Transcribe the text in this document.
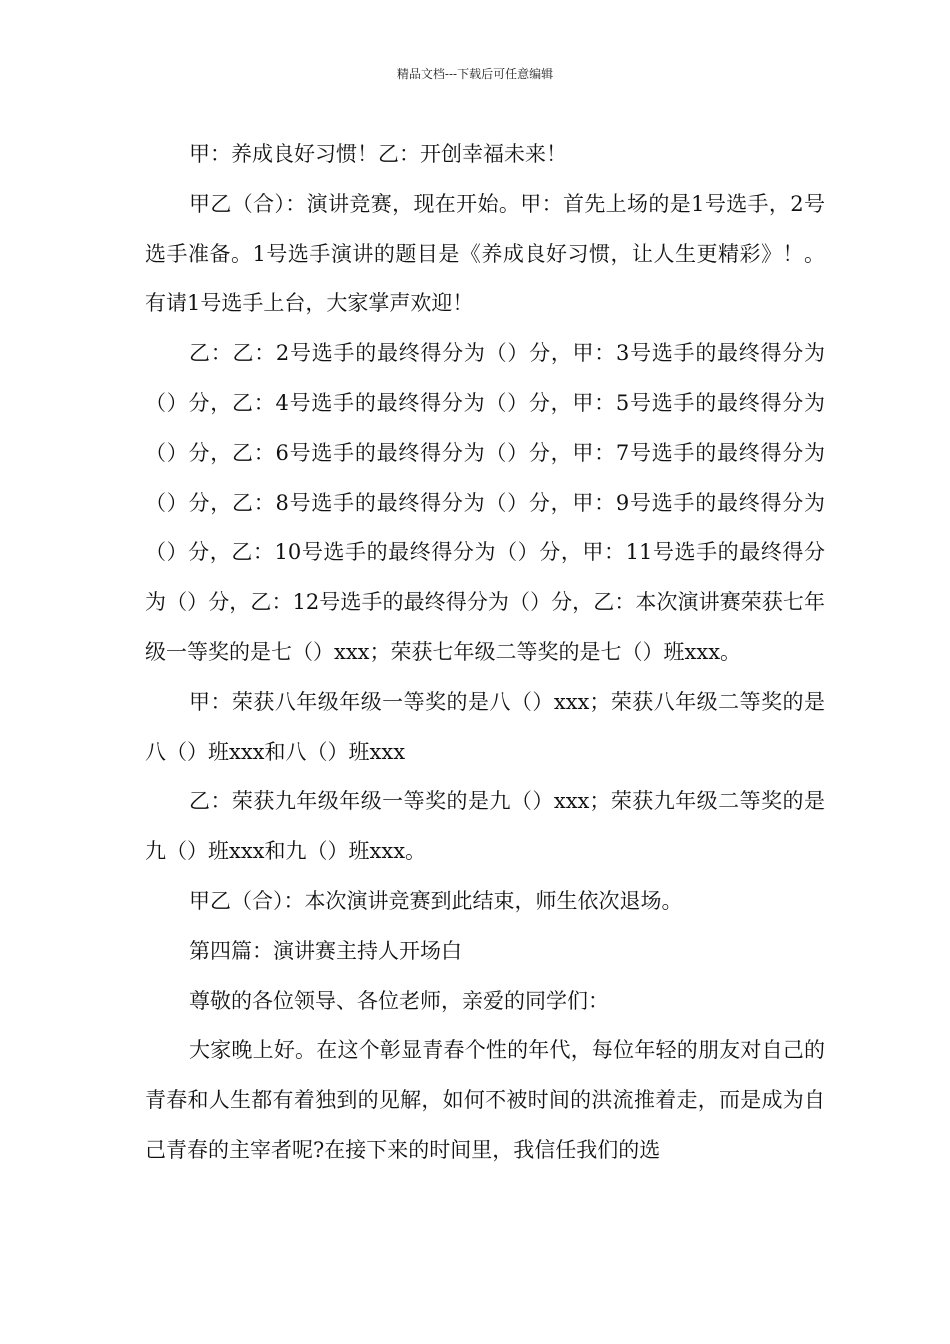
精品文档---下载后可任意编辑

甲：养成良好习惯！乙：开创幸福未来！

甲乙（合）：演讲竞赛，现在开始。甲：首先上场的是1号选手，2号选手准备。1号选手演讲的题目是《养成良好习惯，让人生更精彩》！。有请1号选手上台，大家掌声欢迎！

乙：乙：2号选手的最终得分为（）分，甲：3号选手的最终得分为（）分，乙：4号选手的最终得分为（）分，甲：5号选手的最终得分为（）分，乙：6号选手的最终得分为（）分，甲：7号选手的最终得分为（）分，乙：8号选手的最终得分为（）分，甲：9号选手的最终得分为（）分，乙：10号选手的最终得分为（）分，甲：11号选手的最终得分为（）分，乙：12号选手的最终得分为（）分，乙：本次演讲赛荣获七年级一等奖的是七（）xxx；荣获七年级二等奖的是七（）班xxx。

甲：荣获八年级年级一等奖的是八（）xxx；荣获八年级二等奖的是八（）班xxx和八（）班xxx

乙：荣获九年级年级一等奖的是九（）xxx；荣获九年级二等奖的是九（）班xxx和九（）班xxx。

甲乙（合）：本次演讲竞赛到此结束，师生依次退场。

第四篇：演讲赛主持人开场白

尊敬的各位领导、各位老师，亲爱的同学们：

大家晚上好。在这个彰显青春个性的年代，每位年轻的朋友对自己的青春和人生都有着独到的见解，如何不被时间的洪流推着走，而是成为自己青春的主宰者呢?在接下来的时间里，我信任我们的选
